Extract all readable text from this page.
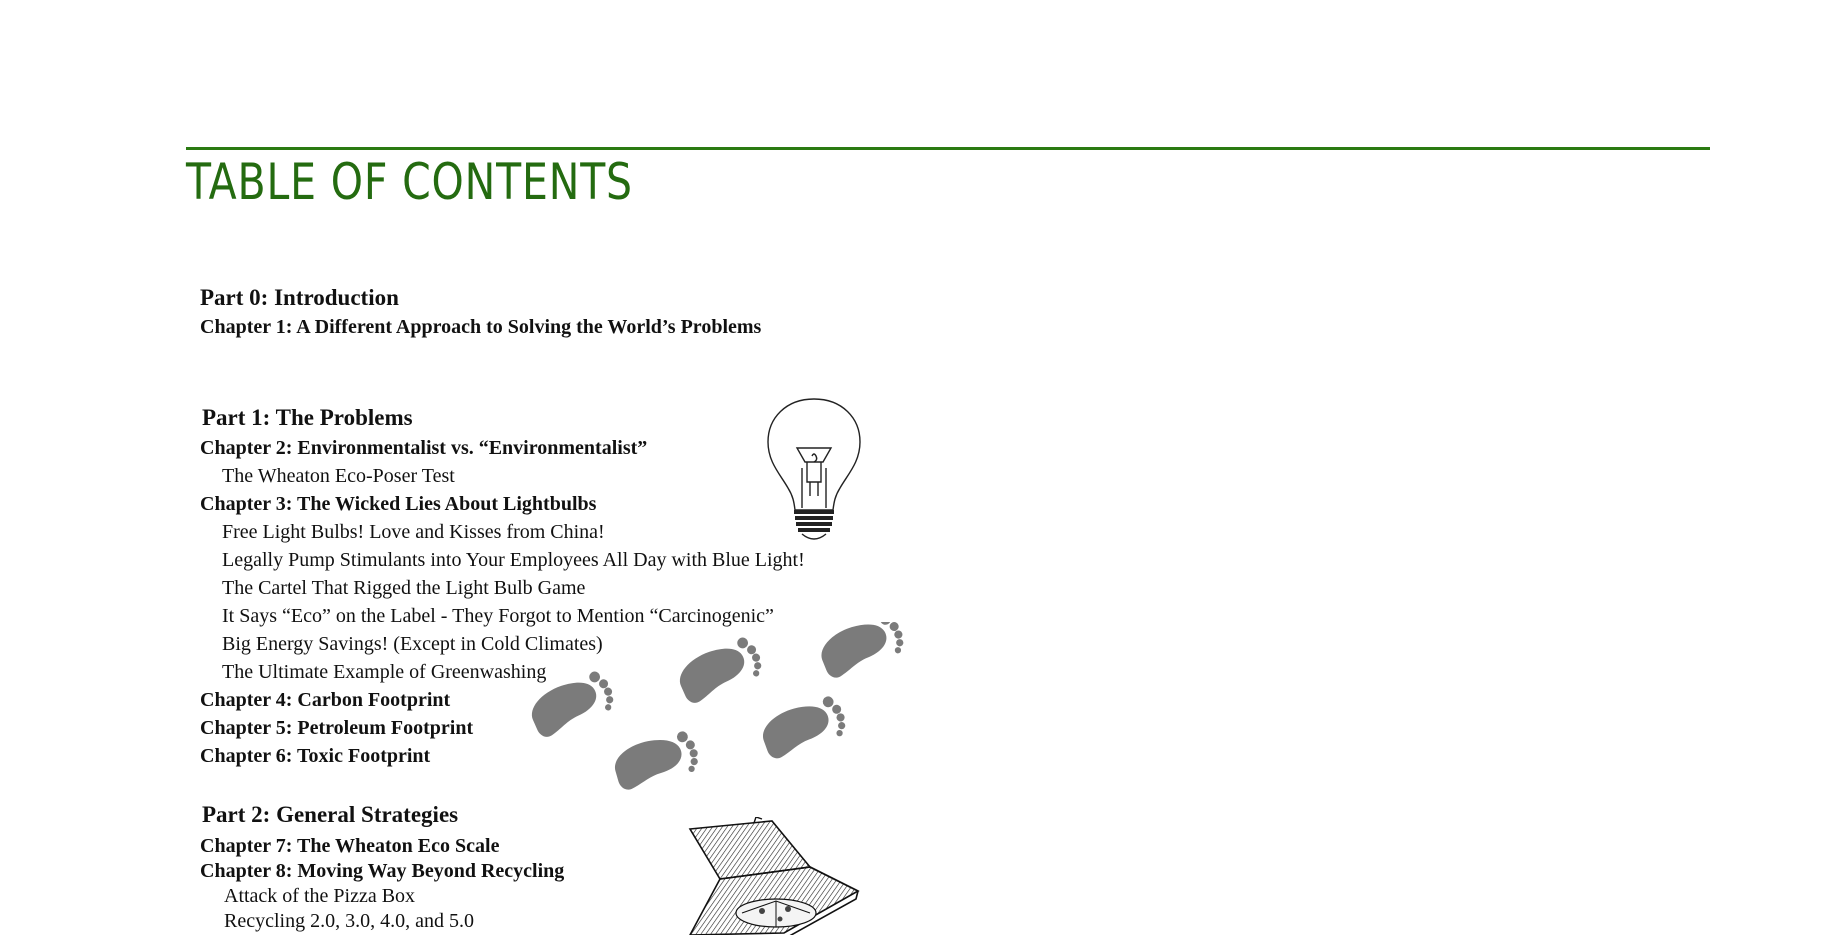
TABLE OF CONTENTS
Part 0: Introduction
Chapter 1: A Different Approach to Solving the World’s Problems
Part 1: The Problems
Chapter 2: Environmentalist vs. “Environmentalist”
The Wheaton Eco-Poser Test
Chapter 3: The Wicked Lies About Lightbulbs
Free Light Bulbs! Love and Kisses from China!
Legally Pump Stimulants into Your Employees All Day with Blue Light!
The Cartel That Rigged the Light Bulb Game
It Says “Eco” on the Label - They Forgot to Mention “Carcinogenic”
Big Energy Savings! (Except in Cold Climates)
The Ultimate Example of Greenwashing
Chapter 4: Carbon Footprint
Chapter 5: Petroleum Footprint
Chapter 6: Toxic Footprint
Part 2: General Strategies
Chapter 7: The Wheaton Eco Scale
Chapter 8: Moving Way Beyond Recycling
Attack of the Pizza Box
Recycling 2.0, 3.0, 4.0, and 5.0
